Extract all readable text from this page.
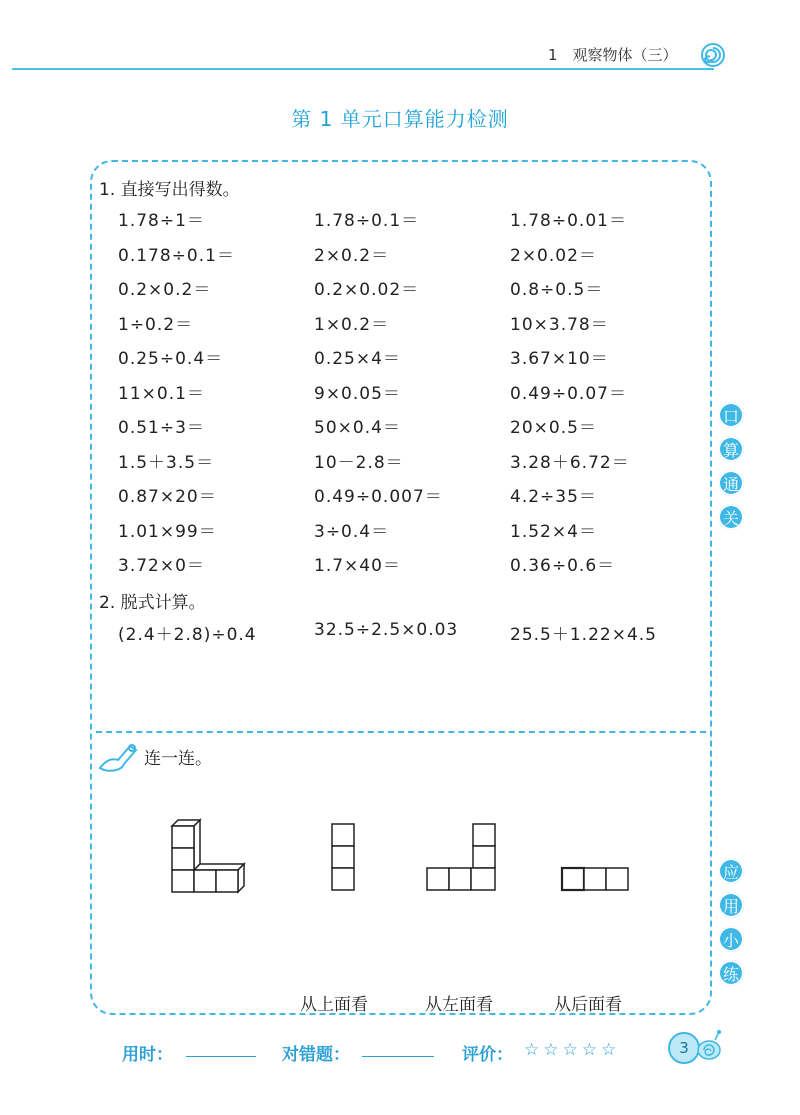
1　观察物体（三）
第 1 单元口算能力检测
1. 直接写出得数。
1.78÷1＝	1.78÷0.1＝	1.78÷0.01＝
0.178÷0.1＝	2×0.2＝	2×0.02＝
0.2×0.2＝	0.2×0.02＝	0.8÷0.5＝
1÷0.2＝	1×0.2＝	10×3.78＝
0.25÷0.4＝	0.25×4＝	3.67×10＝
11×0.1＝	9×0.05＝	0.49÷0.07＝
0.51÷3＝	50×0.4＝	20×0.5＝
1.5＋3.5＝	10－2.8＝	3.28＋6.72＝
0.87×20＝	0.49÷0.007＝	4.2÷35＝
1.01×99＝	3÷0.4＝	1.52×4＝
3.72×0＝	1.7×40＝	0.36÷0.6＝
2. 脱式计算。
(2.4＋2.8)÷0.4	32.5÷2.5×0.03	25.5＋1.22×4.5
连一连。
从上面看	从左面看	从后面看
口
算
通
关
应
用
小
练
用时：	对错题：	评价： ☆☆☆☆☆	3
